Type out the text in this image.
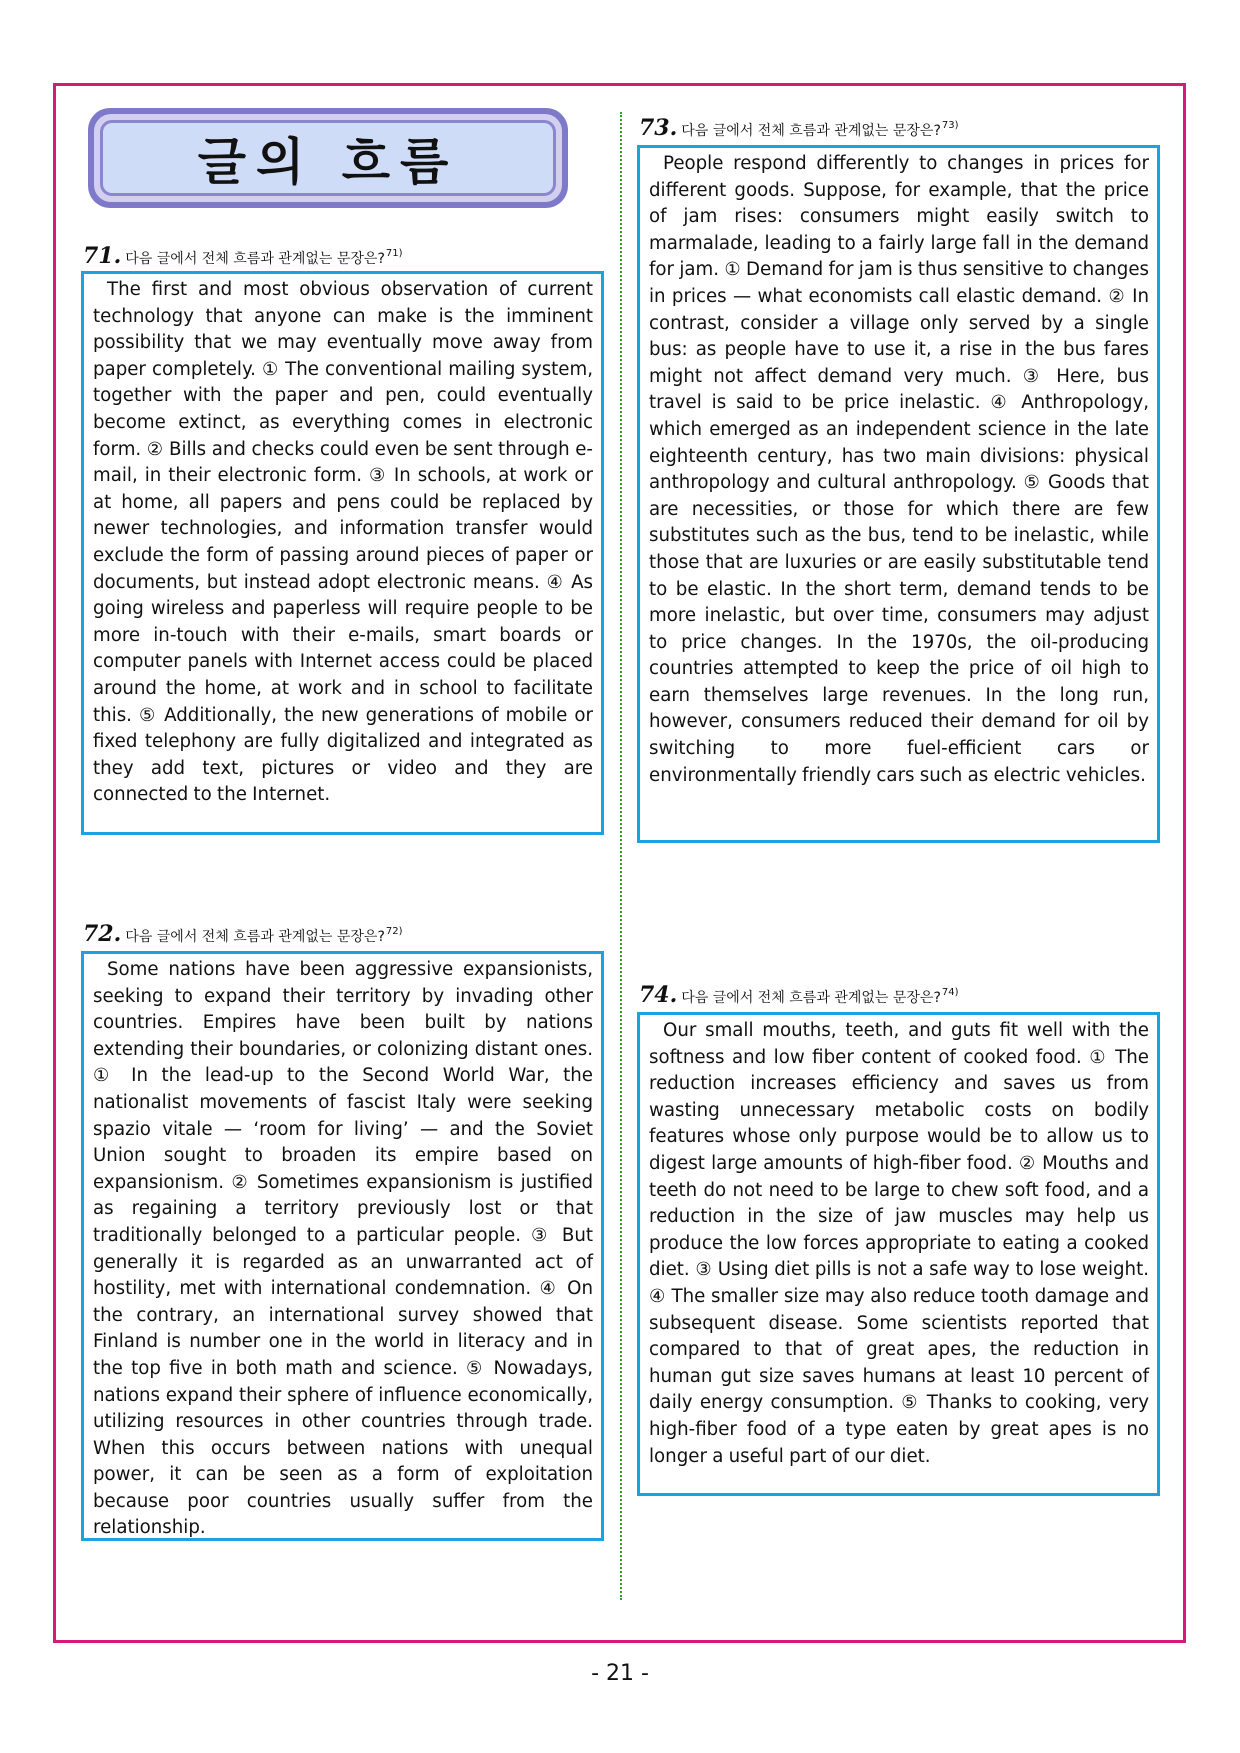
글의 흐름
71. 다음 글에서 전체 흐름과 관계없는 문장은? 71)

The first and most obvious observation of current technology that anyone can make is the imminent possibility that we may eventually move away from paper completely. ① The conventional mailing system, together with the paper and pen, could eventually become extinct, as everything comes in electronic form. ② Bills and checks could even be sent through e-mail, in their electronic form. ③ In schools, at work or at home, all papers and pens could be replaced by newer technologies, and information transfer would exclude the form of passing around pieces of paper or documents, but instead adopt electronic means. ④ As going wireless and paperless will require people to be more in-touch with their e-mails, smart boards or computer panels with Internet access could be placed around the home, at work and in school to facilitate this. ⑤ Additionally, the new generations of mobile or fixed telephony are fully digitalized and integrated as they add text, pictures or video and they are connected to the Internet.

72. 다음 글에서 전체 흐름과 관계없는 문장은? 72)

Some nations have been aggressive expansionists, seeking to expand their territory by invading other countries. Empires have been built by nations extending their boundaries, or colonizing distant ones. ① In the lead-up to the Second World War, the nationalist movements of fascist Italy were seeking spazio vitale — ‘room for living’ — and the Soviet Union sought to broaden its empire based on expansionism. ② Sometimes expansionism is justified as regaining a territory previously lost or that traditionally belonged to a particular people. ③ But generally it is regarded as an unwarranted act of hostility, met with international condemnation. ④ On the contrary, an international survey showed that Finland is number one in the world in literacy and in the top five in both math and science. ⑤ Nowadays, nations expand their sphere of influence economically, utilizing resources in other countries through trade. When this occurs between nations with unequal power, it can be seen as a form of exploitation because poor countries usually suffer from the relationship.

73. 다음 글에서 전체 흐름과 관계없는 문장은? 73)

People respond differently to changes in prices for different goods. Suppose, for example, that the price of jam rises: consumers might easily switch to marmalade, leading to a fairly large fall in the demand for jam. ① Demand for jam is thus sensitive to changes in prices — what economists call elastic demand. ② In contrast, consider a village only served by a single bus: as people have to use it, a rise in the bus fares might not affect demand very much. ③ Here, bus travel is said to be price inelastic. ④ Anthropology, which emerged as an independent science in the late eighteenth century, has two main divisions: physical anthropology and cultural anthropology. ⑤ Goods that are necessities, or those for which there are few substitutes such as the bus, tend to be inelastic, while those that are luxuries or are easily substitutable tend to be elastic. In the short term, demand tends to be more inelastic, but over time, consumers may adjust to price changes. In the 1970s, the oil-producing countries attempted to keep the price of oil high to earn themselves large revenues. In the long run, however, consumers reduced their demand for oil by switching to more fuel-efficient cars or environmentally friendly cars such as electric vehicles.

74. 다음 글에서 전체 흐름과 관계없는 문장은? 74)

Our small mouths, teeth, and guts fit well with the softness and low fiber content of cooked food. ① The reduction increases efficiency and saves us from wasting unnecessary metabolic costs on bodily features whose only purpose would be to allow us to digest large amounts of high-fiber food. ② Mouths and teeth do not need to be large to chew soft food, and a reduction in the size of jaw muscles may help us produce the low forces appropriate to eating a cooked diet. ③ Using diet pills is not a safe way to lose weight. ④ The smaller size may also reduce tooth damage and subsequent disease. Some scientists reported that compared to that of great apes, the reduction in human gut size saves humans at least 10 percent of daily energy consumption. ⑤ Thanks to cooking, very high-fiber food of a type eaten by great apes is no longer a useful part of our diet.

- 21 -
